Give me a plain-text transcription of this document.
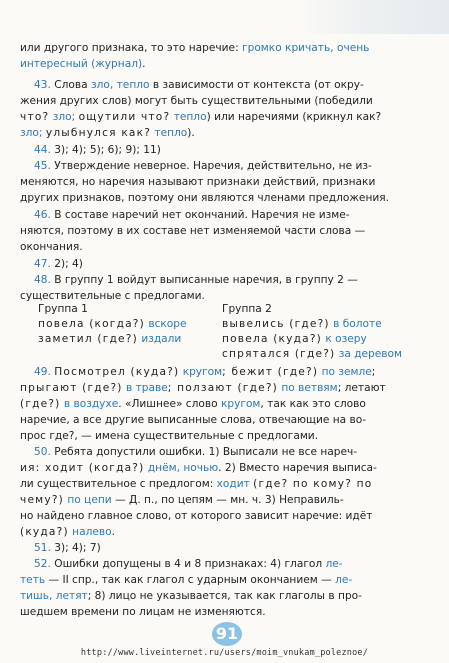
или другого признака, то это наречие: громко кричать, очень
интересный (журнал).
43. Слова зло, тепло в зависимости от контекста (от окру-
жения других слов) могут быть существительными (победили
что? зло; ощутили что? тепло) или наречиями (крикнул как?
зло; улыбнулся как? тепло).
44. 3); 4); 5); 6); 9); 11)
45. Утверждение неверное. Наречия, действительно, не из-
меняются, но наречия называют признаки действий, признаки
других признаков, поэтому они являются членами предложения.
46. В составе наречий нет окончаний. Наречия не изме-
няются, поэтому в их составе нет изменяемой части слова —
окончания.
47. 2); 4)
48. В группу 1 войдут выписанные наречия, в группу 2 —
существительные с предлогами.
Группа 1
повела (когда?) вскоре
заметил (где?) издали
Группа 2
вывелись (где?) в болоте
повела (куда?) к озеру
спрятался (где?) за деревом
49. Посмотрел (куда?) кругом; бежит (где?) по земле;
прыгают (где?) в траве; ползают (где?) по ветвям; летают
(где?) в воздухе. «Лишнее» слово кругом, так как это слово
наречие, а все другие выписанные слова, отвечающие на во-
прос где?, — имена существительные с предлогами.
50. Ребята допустили ошибки. 1) Выписали не все нареч-
ия: ходит (когда?) днём, ночью. 2) Вместо наречия выписа-
ли существительное с предлогом: ходит (где? по кому? по
чему?) по цепи — Д. п., по цепям — мн. ч. 3) Неправиль-
но найдено главное слово, от которого зависит наречие: идёт
(куда?) налево.
51. 3); 4); 7)
52. Ошибки допущены в 4 и 8 признаках: 4) глагол ле-
теть — II спр., так как глагол с ударным окончанием — ле-
тишь, летят; 8) лицо не указывается, так как глаголы в про-
шедшем времени по лицам не изменяются.
91
http://www.liveinternet.ru/users/moim_vnukam_poleznoe/
